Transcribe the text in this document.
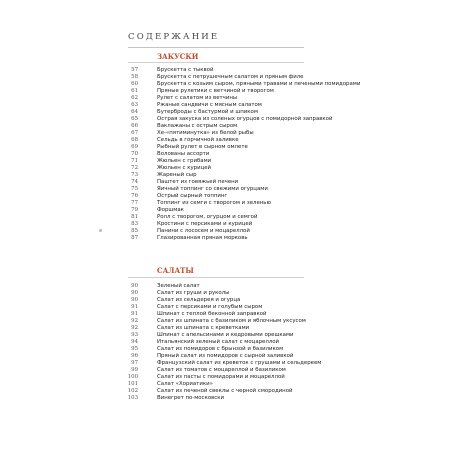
СОДЕРЖАНИЕ
ЗАКУСКИ
57	Брускетта с тыквой
58	Брускетта с петрушечным салатом и пряным филе
60	Брускетта с козьим сыром, пряными травами и печеными помидорами
61	Пряные рулетики с ветчиной и творогом
62	Рулет с салатом из ветчины
63	Ржаные сандвичи с мясным салатом
64	Бутерброды с бастурмой и шпиком
65	Острая закуска из соленых огурцов с помидорной заправкой
66	Ваклажаны с острым сыром
67	Хе-«пятиминутка» из белой рыбы
68	Сельдь в горчичной заливке
69	Рыбный рулет в сырном омлете
70	Волованы ассорти
71	Жюльен с грибами
72	Жюльен с курицей
73	Жареный сыр
74	Паштет из говяжьей печени
75	Яичный топпинг со свежими огурцами
76	Острый сырный топпинг
77	Топпинг из семги с творогом и зеленью
79	Форшмак
81	Ролл с творогом, огурцом и семгой
83	Кростини с персиками и курицей
85	Панини с лососем и моцареллой
87	Глазированная пряная морковь
САЛАТЫ
90	Зеленый салат
90	Салат из груши и руколы
90	Салат из сельдерея и огурца
91	Салат с персиками и голубым сыром
91	Шпинат с теплой беконной заправкой
92	Салат из шпината с базиликом и яблочным уксусом
92	Салат из шпината с креветками
93	Шпинат с апельсинами и кедровыми орешками
94	Итальянский зеленый салат с моцареллой
95	Салат из помидоров с брынзой и базиликом
96	Пряный салат из помидоров с сырной заливкой
97	Французский салат из креветок с грушами и сельдереем
99	Салат из томатов с моцареллой и базиликом
100	Салат из пасты с помидорами и моцареллой
101	Салат «Хориатики»
102	Салат из печеной свеклы с черной смородиной
103	Винегрет по-московски
